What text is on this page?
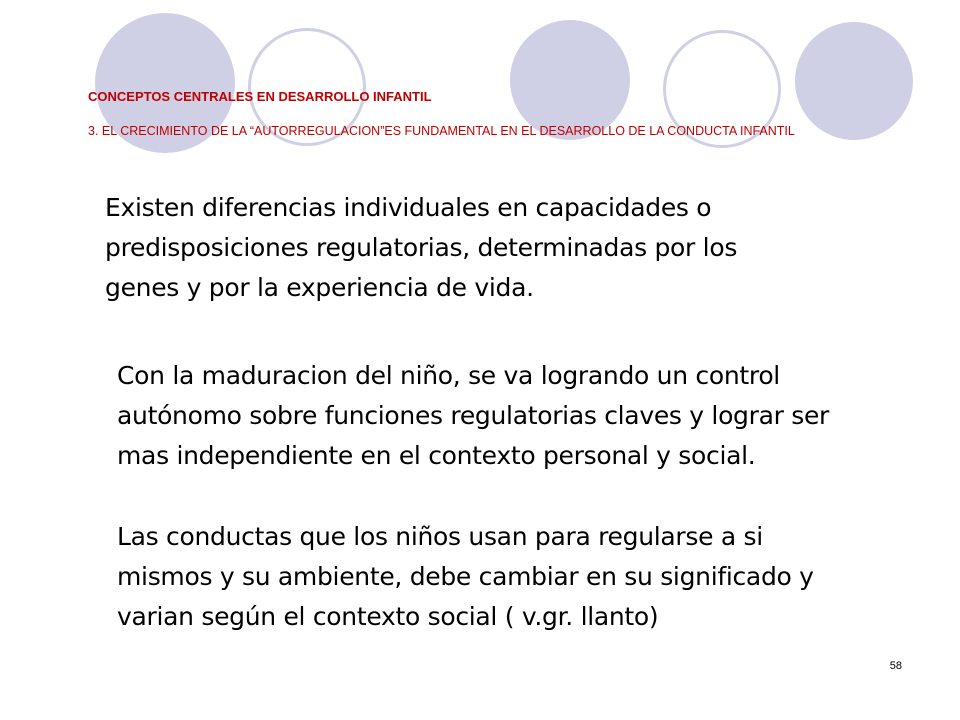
CONCEPTOS CENTRALES EN DESARROLLO INFANTIL

3. EL CRECIMIENTO DE LA “AUTORREGULACION”ES FUNDAMENTAL EN EL DESARROLLO DE LA CONDUCTA INFANTIL

Existen diferencias individuales en capacidades o
predisposiciones regulatorias, determinadas por los
genes y por la experiencia de vida.

Con la maduracion del niño, se va logrando un control
autónomo sobre funciones regulatorias claves y lograr ser
mas independiente en el contexto personal y social.

Las conductas que los niños usan para regularse a si
mismos y su ambiente, debe cambiar en su significado y
varian según el contexto social ( v.gr. llanto)

58
